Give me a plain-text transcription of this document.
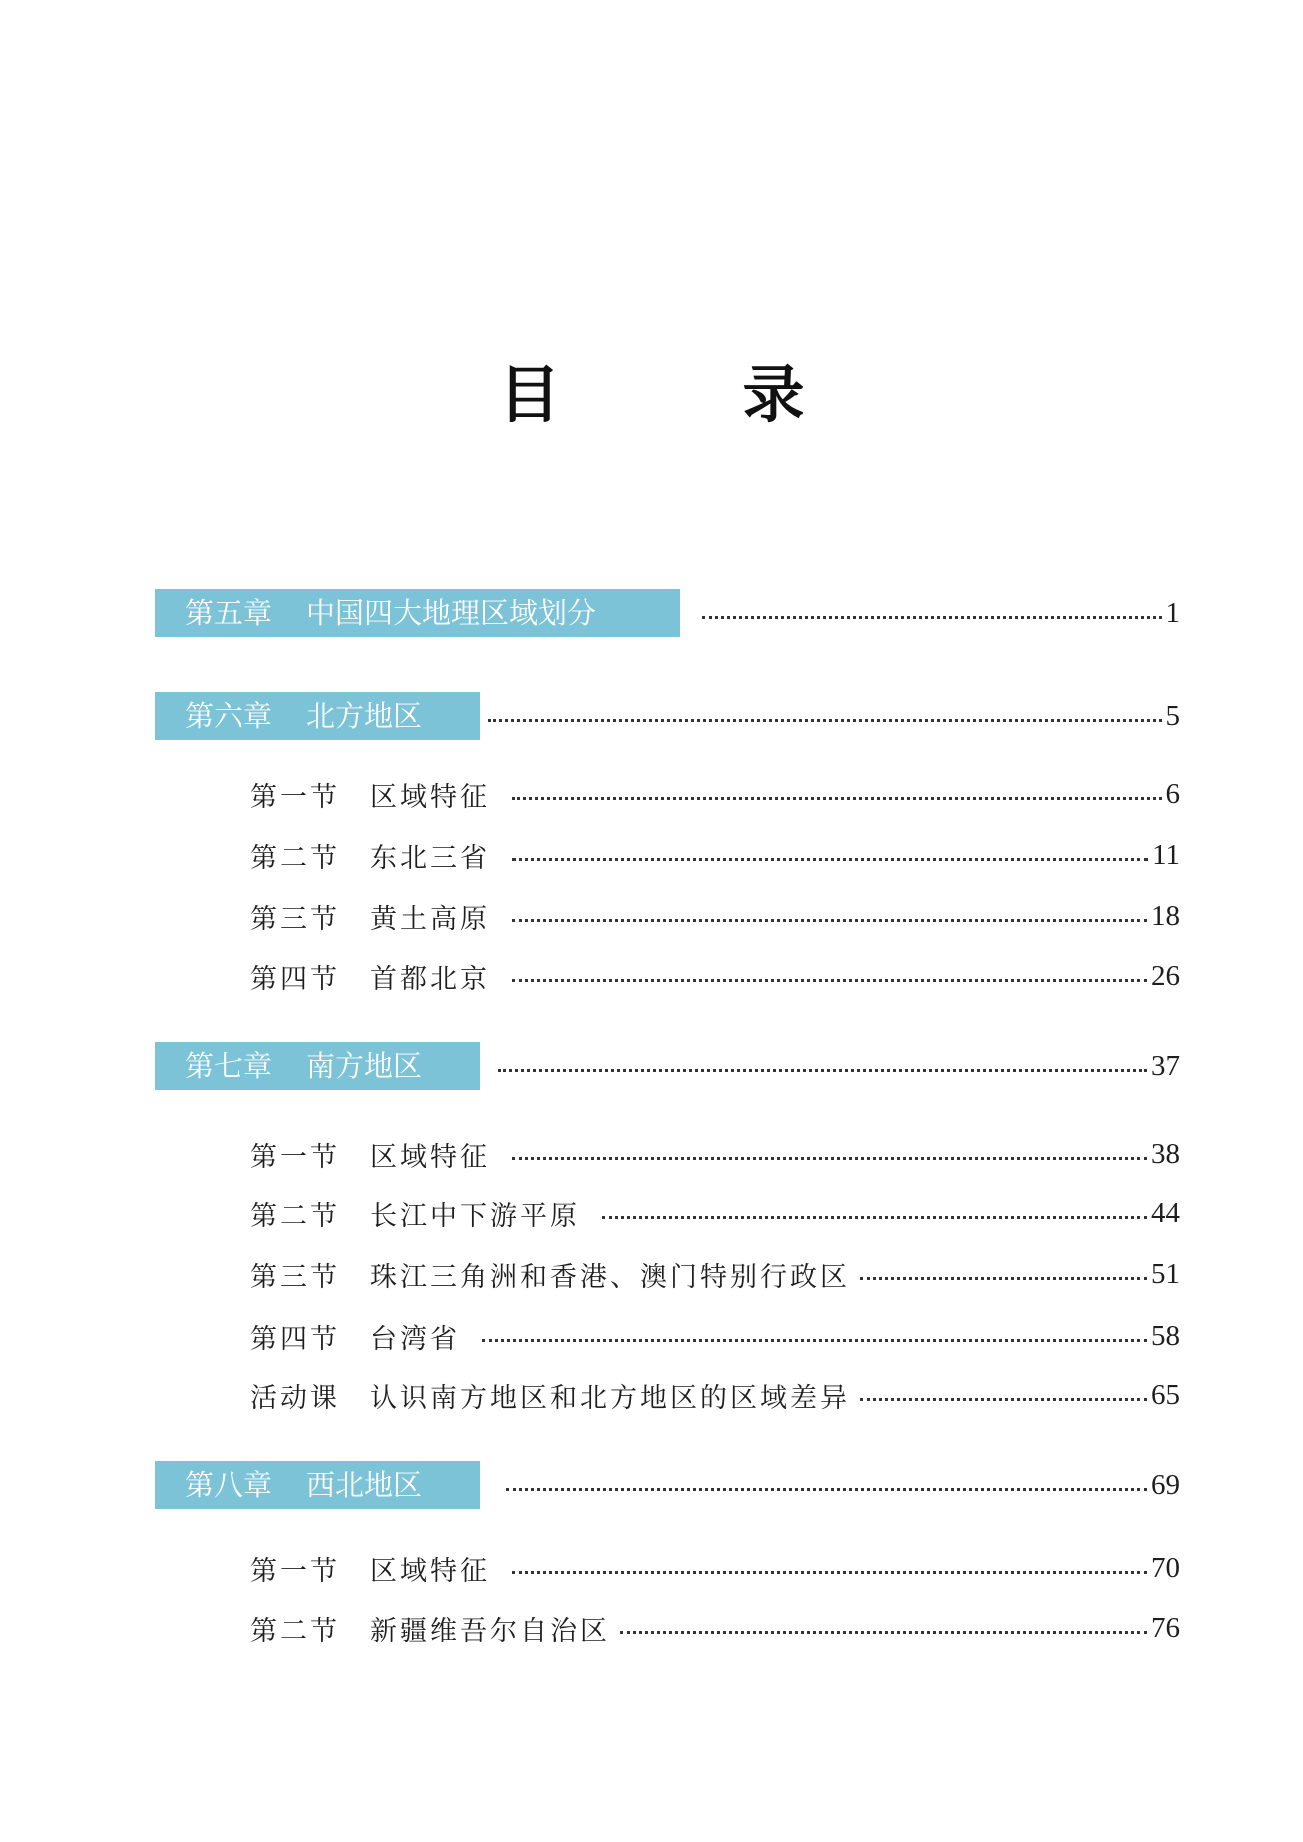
目　录
第五章 中国四大地理区域划分	1
第六章 北方地区	5
第一节 区域特征	6
第二节 东北三省	11
第三节 黄土高原	18
第四节 首都北京	26
第七章 南方地区	37
第一节 区域特征	38
第二节 长江中下游平原	44
第三节 珠江三角洲和香港、澳门特别行政区	51
第四节 台湾省	58
活动课 认识南方地区和北方地区的区域差异	65
第八章 西北地区	69
第一节 区域特征	70
第二节 新疆维吾尔自治区	76
